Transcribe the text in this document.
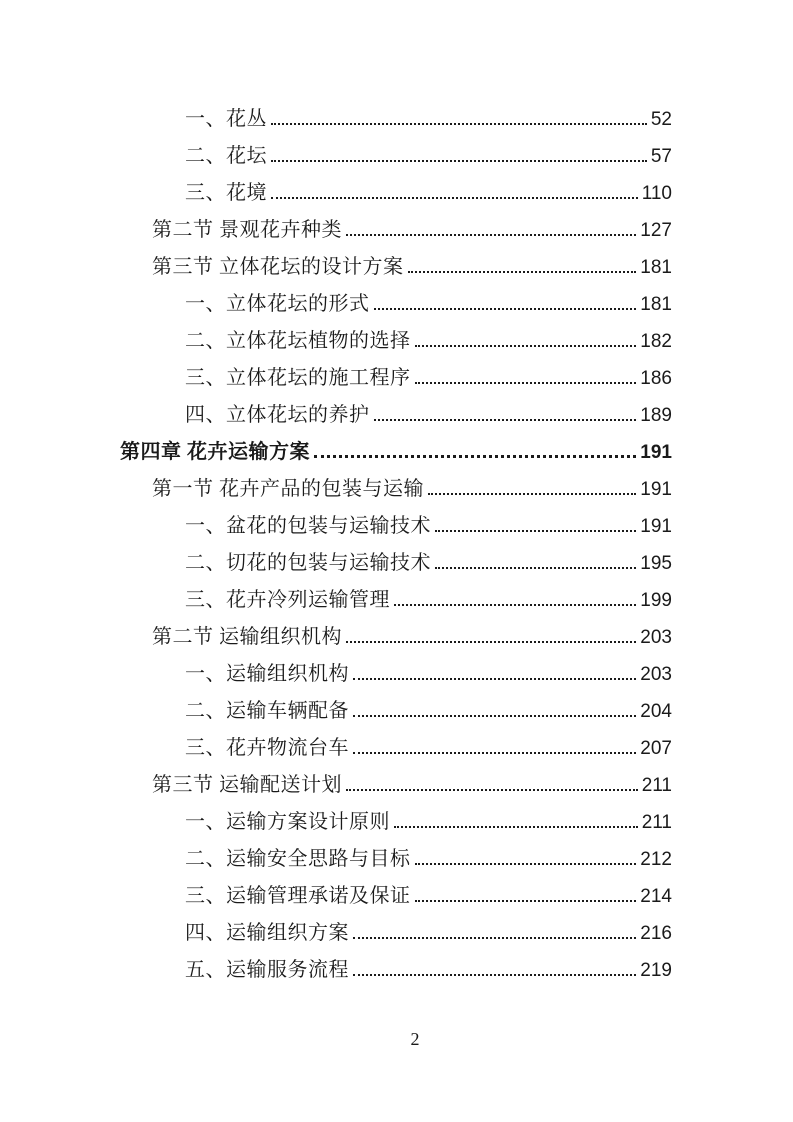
一、花丛	52
二、花坛	57
三、花境	110
第二节 景观花卉种类	127
第三节 立体花坛的设计方案	181
一、立体花坛的形式	181
二、立体花坛植物的选择	182
三、立体花坛的施工程序	186
四、立体花坛的养护	189
第四章 花卉运输方案	191
第一节 花卉产品的包装与运输	191
一、盆花的包装与运输技术	191
二、切花的包装与运输技术	195
三、花卉冷列运输管理	199
第二节 运输组织机构	203
一、运输组织机构	203
二、运输车辆配备	204
三、花卉物流台车	207
第三节 运输配送计划	211
一、运输方案设计原则	211
二、运输安全思路与目标	212
三、运输管理承诺及保证	214
四、运输组织方案	216
五、运输服务流程	219
2
